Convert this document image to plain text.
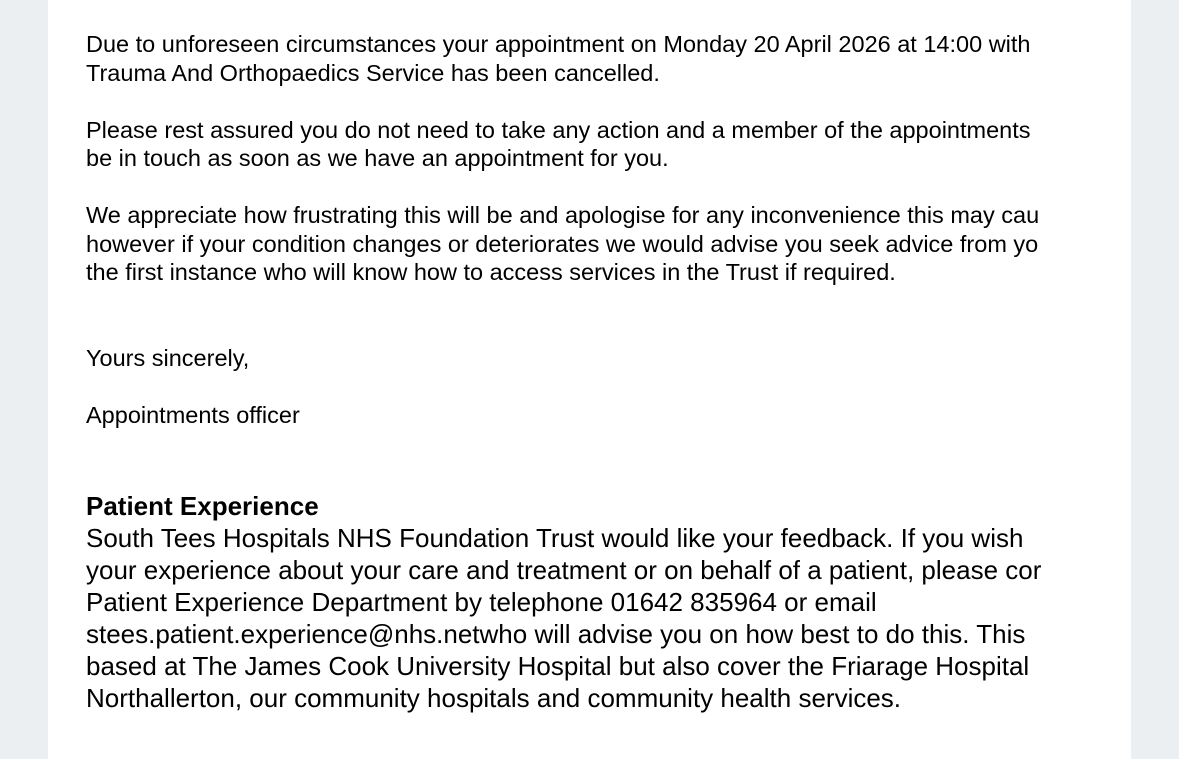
Due to unforeseen circumstances your appointment on Monday 20 April 2026 at 14:00 with
Trauma And Orthopaedics Service has been cancelled.

Please rest assured you do not need to take any action and a member of the appointments
be in touch as soon as we have an appointment for you.

We appreciate how frustrating this will be and apologise for any inconvenience this may cau
however if your condition changes or deteriorates we would advise you seek advice from yo
the first instance who will know how to access services in the Trust if required.

Yours sincerely,

Appointments officer

Patient Experience

South Tees Hospitals NHS Foundation Trust would like your feedback. If you wish
your experience about your care and treatment or on behalf of a patient, please cor
Patient Experience Department by telephone 01642 835964 or email
stees.patient.experience@nhs.netwho will advise you on how best to do this. This
based at The James Cook University Hospital but also cover the Friarage Hospital
Northallerton, our community hospitals and community health services.
